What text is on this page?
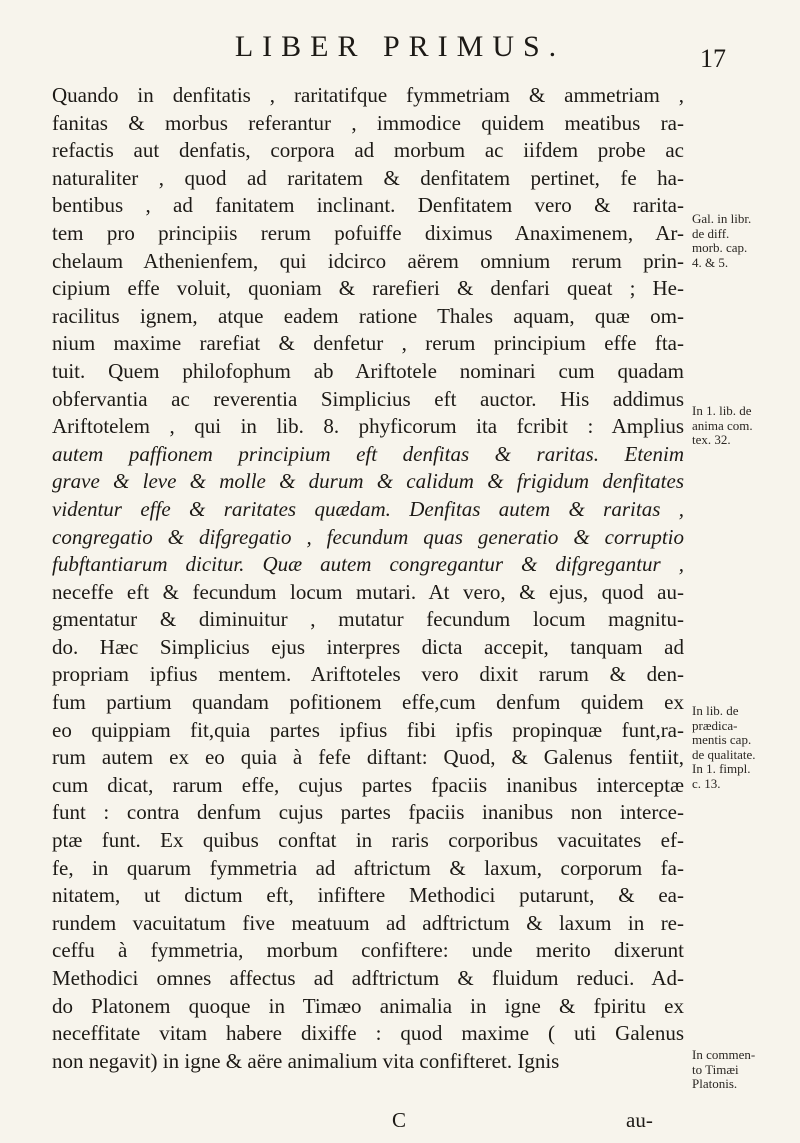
LIBER PRIMUS.	17
Quando in denfitatis , raritatifque fymmetriam & ammetriam ,
fanitas & morbus referantur , immodice quidem meatibus ra-
refactis aut denfatis, corpora ad morbum ac iifdem probe ac
naturaliter , quod ad raritatem & denfitatem pertinet, fe ha-
bentibus , ad fanitatem inclinant. Denfitatem vero & rarita-
tem pro principiis rerum pofuiffe diximus Anaximenem, Ar-
chelaum Athenienfem, qui idcirco aërem omnium rerum prin-
cipium effe voluit, quoniam & rarefieri & denfari queat ; He-
racilitus ignem, atque eadem ratione Thales aquam, quæ om-
nium maxime rarefiat & denfetur , rerum principium effe fta-
tuit. Quem philofophum ab Ariftotele nominari cum quadam
obfervantia ac reverentia Simplicius eft auctor. His addimus
Ariftotelem , qui in lib. 8. phyficorum ita fcribit : Amplius
autem paffionem principium eft denfitas & raritas. Etenim
grave & leve & molle & durum & calidum & frigidum denfitates
videntur effe & raritates quædam. Denfitas autem & raritas ,
congregatio & difgregatio , fecundum quas generatio & corruptio
fubftantiarum dicitur. Quæ autem congregantur & difgregantur ,
neceffe eft & fecundum locum mutari. At vero, & ejus, quod au-
gmentatur & diminuitur , mutatur fecundum locum magnitu-
do. Hæc Simplicius ejus interpres dicta accepit, tanquam ad
propriam ipfius mentem. Ariftoteles vero dixit rarum & den-
fum partium quandam pofitionem effe,cum denfum quidem ex
eo quippiam fit,quia partes ipfius fibi ipfis propinquæ funt,ra-
rum autem ex eo quia à fefe diftant: Quod, & Galenus fentiit,
cum dicat, rarum effe, cujus partes fpaciis inanibus interceptæ
funt : contra denfum cujus partes fpaciis inanibus non interce-
ptæ funt. Ex quibus conftat in raris corporibus vacuitates ef-
fe, in quarum fymmetria ad aftrictum & laxum, corporum fa-
nitatem, ut dictum eft, infiftere Methodici putarunt, & ea-
rundem vacuitatum five meatuum ad adftrictum & laxum in re-
ceffu à fymmetria, morbum confiftere: unde merito dixerunt
Methodici omnes affectus ad adftrictum & fluidum reduci. Ad-
do Platonem quoque in Timæo animalia in igne & fpiritu ex
neceffitate vitam habere dixiffe : quod maxime ( uti Galenus
non negavit) in igne & aëre animalium vita confifteret. Ignis
Gal. in libr.
de diff.
morb. cap.
4. & 5.
In 1. lib. de
anima com.
tex. 32.
In lib. de
prædica-
mentis cap.
de qualitate.
In 1. fimpl.
c. 13.
In commen-
to Timæi
Platonis.
C	au-
